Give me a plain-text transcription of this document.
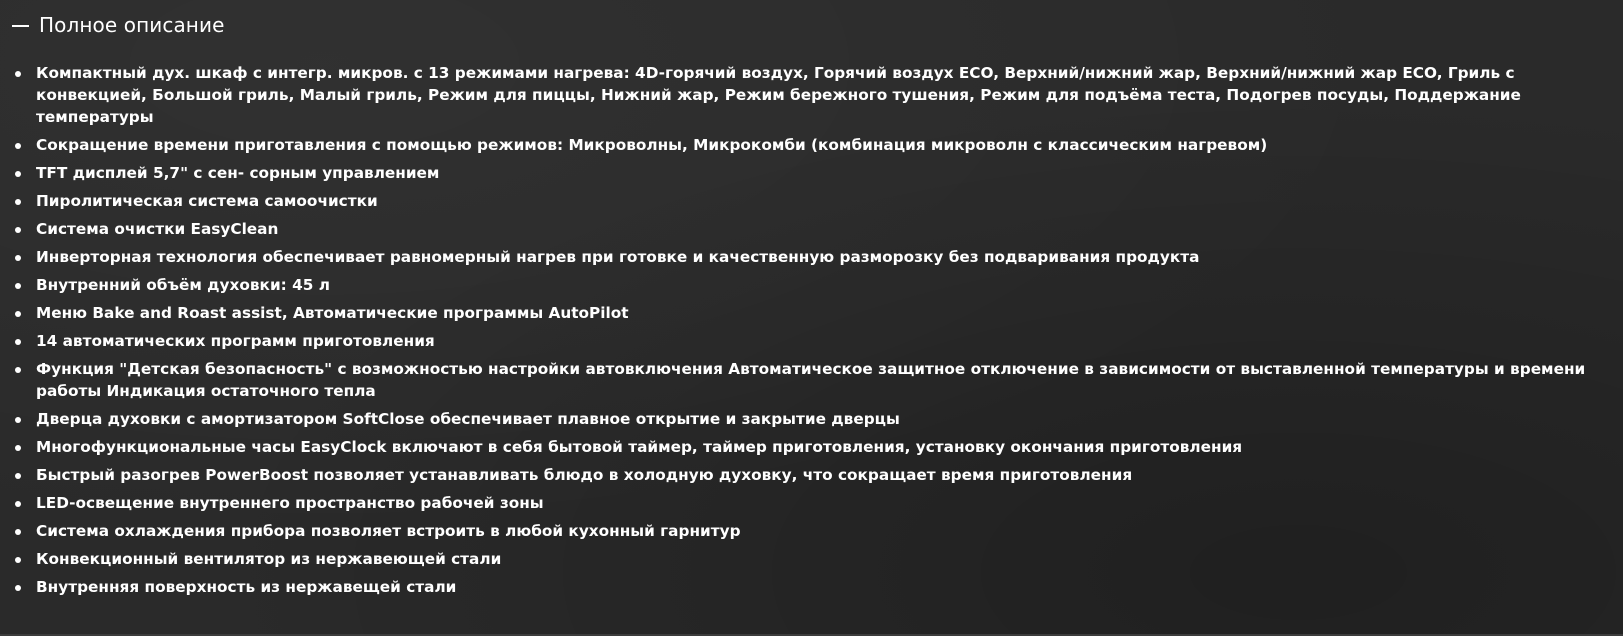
Полное описание
Компактный дух. шкаф с интегр. микров. с 13 режимами нагрева: 4D-горячий воздух, Горячий воздух ECO, Верхний/нижний жар, Верхний/нижний жар ECO, Гриль с конвекцией, Большой гриль, Малый гриль, Режим для пиццы, Нижний жар, Режим бережного тушения, Режим для подъёма теста, Подогрев посуды, Поддержание температуры
Сокращение времени приготавления с помощью режимов: Микроволны, Микрокомби (комбинация микроволн с классическим нагревом)
TFT дисплей 5,7" с сен- сорным управлением
Пиролитическая система самоочистки
Система очистки EasyClean
Инверторная технология обеспечивает равномерный нагрев при готовке и качественную разморозку без подваривания продукта
Внутренний объём духовки: 45 л
Меню Bake and Roast assist, Автоматические программы AutoPilot
14 автоматических программ приготовления
Функция "Детская безопасность" с возможностью настройки автовключения Автоматическое защитное отключение в зависимости от выставленной температуры и времени работы Индикация остаточного тепла
Дверца духовки с амортизатором SoftClose обеспечивает плавное открытие и закрытие дверцы
Многофункциональные часы EasyClock включают в себя бытовой таймер, таймер приготовления, установку окончания приготовления
Быстрый разогрев PowerBoost позволяет устанавливать блюдо в холодную духовку, что сокращает время приготовления
LED-освещение внутреннего пространство рабочей зоны
Система охлаждения прибора позволяет встроить в любой кухонный гарнитур
Конвекционный вентилятор из нержавеющей стали
Внутренняя поверхность из нержавещей стали
